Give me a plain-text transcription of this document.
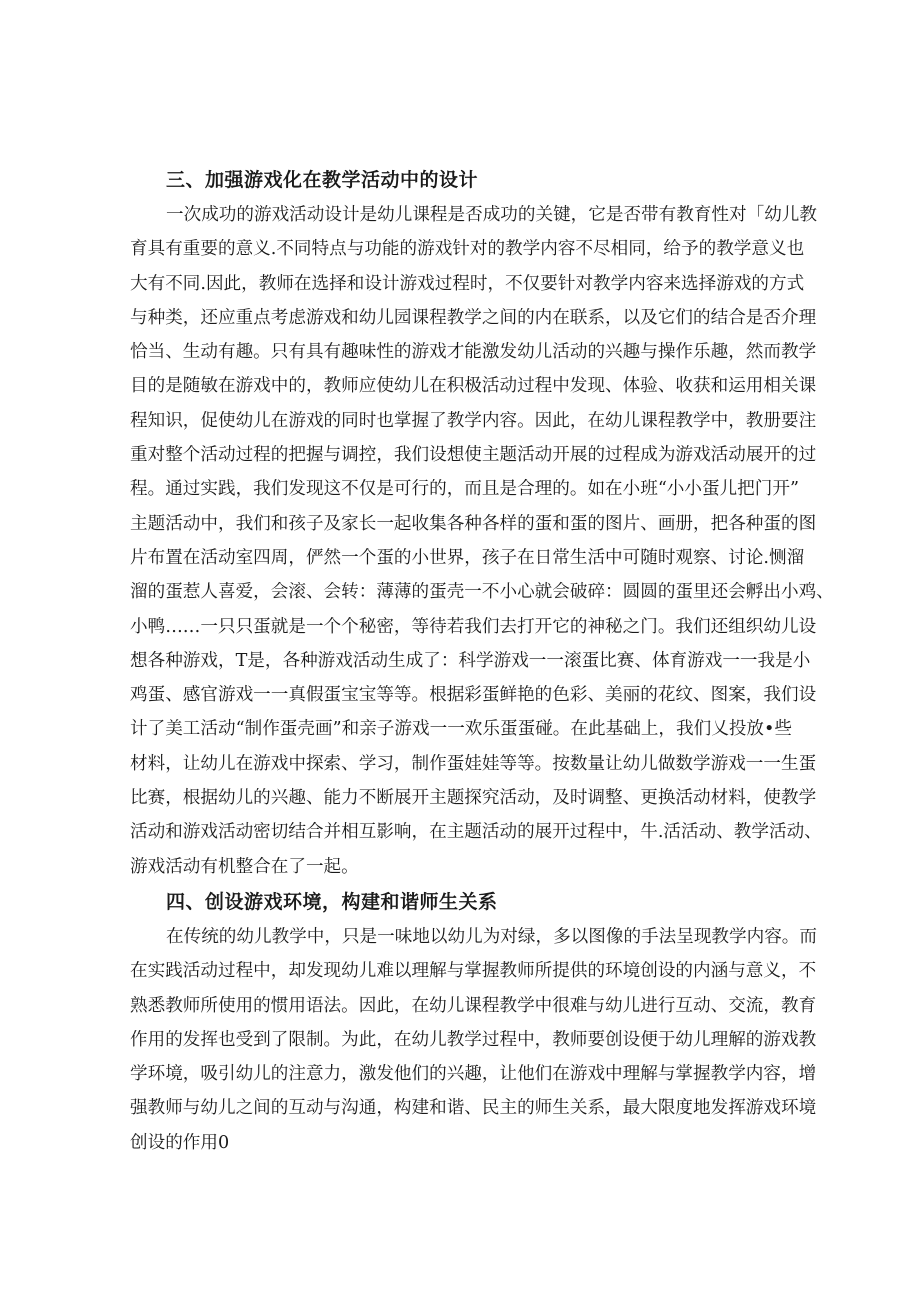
三、加强游戏化在教学活动中的设计

一次成功的游戏活动设计是幼儿课程是否成功的关键，它是否带有教育性对「幼儿教
育具有重要的意义.不同特点与功能的游戏针对的教学内容不尽相同，给予的教学意义也
大有不同.因此，教师在选择和设计游戏过程时，不仅要针对教学内容来选择游戏的方式
与种类，还应重点考虑游戏和幼儿园课程教学之间的内在联系，以及它们的结合是否介理
恰当、生动有趣。只有具有趣味性的游戏才能激发幼儿活动的兴趣与操作乐趣，然而教学
目的是随敏在游戏中的，教师应使幼儿在积极活动过程中发现、体验、收获和运用相关课
程知识，促使幼儿在游戏的同时也掌握了教学内容。因此，在幼儿课程教学中，教册要注
重对整个活动过程的把握与调控，我们设想使主题活动开展的过程成为游戏活动展开的过
程。通过实践，我们发现这不仅是可行的，而且是合理的。如在小班“小小蛋儿把门开”
主题活动中，我们和孩子及家长一起收集各种各样的蛋和蛋的图片、画册，把各种蛋的图
片布置在活动室四周，俨然一个蛋的小世界，孩子在日常生活中可随时观察、讨论.恻溜
溜的蛋惹人喜爱，会滚、会转：薄薄的蛋壳一不小心就会破碎：圆圆的蛋里还会孵出小鸡、
小鸭……一只只蛋就是一个个秘密，等待若我们去打开它的神秘之门。我们还组织幼儿设
想各种游戏，T是，各种游戏活动生成了：科学游戏一一滚蛋比赛、体育游戏一一我是小
鸡蛋、感官游戏一一真假蛋宝宝等等。根据彩蛋鲜艳的色彩、美丽的花纹、图案，我们设
计了美工活动“制作蛋壳画”和亲子游戏一一欢乐蛋蛋碰。在此基础上，我们乂投放•些
材料，让幼儿在游戏中探索、学习，制作蛋娃娃等等。按数量让幼儿做数学游戏一一生蛋
比赛，根据幼儿的兴趣、能力不断展开主题探究活动，及时调整、更换活动材料，使教学
活动和游戏活动密切结合并相互影响，在主题活动的展开过程中，牛.活活动、教学活动、
游戏活动有机整合在了一起。

四、创设游戏环境，构建和谐师生关系

在传统的幼儿教学中，只是一味地以幼儿为对绿，多以图像的手法呈现教学内容。而
在实践活动过程中，却发现幼儿难以理解与掌握教师所提供的环境创设的内涵与意义，不
熟悉教师所使用的惯用语法。因此，在幼儿课程教学中很难与幼儿进行互动、交流，教育
作用的发挥也受到了限制。为此，在幼儿教学过程中，教师要创设便于幼儿理解的游戏教
学环境，吸引幼儿的注意力，激发他们的兴趣，让他们在游戏中理解与掌握教学内容，增
强教师与幼儿之间的互动与沟通，构建和谐、民主的师生关系，最大限度地发挥游戏环境
创设的作用0
